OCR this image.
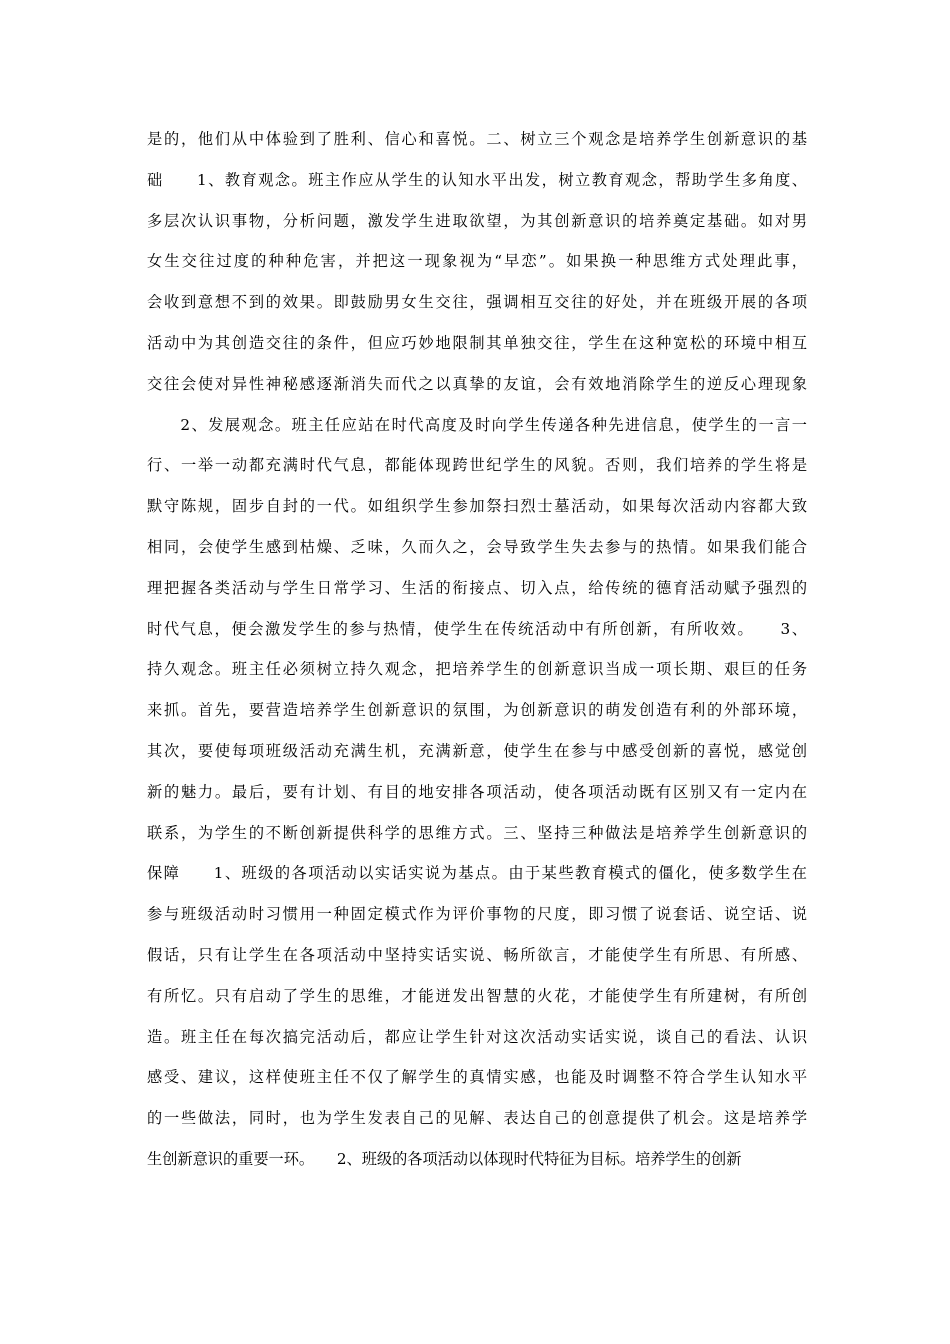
是的，他们从中体验到了胜利、信心和喜悦。二、树立三个观念是培养学生创新意识的基
础　　1、教育观念。班主作应从学生的认知水平出发，树立教育观念，帮助学生多角度、
多层次认识事物，分析问题，激发学生进取欲望，为其创新意识的培养奠定基础。如对男
女生交往过度的种种危害，并把这一现象视为“早恋”。如果换一种思维方式处理此事，
会收到意想不到的效果。即鼓励男女生交往，强调相互交往的好处，并在班级开展的各项
活动中为其创造交往的条件，但应巧妙地限制其单独交往，学生在这种宽松的环境中相互
交往会使对异性神秘感逐渐消失而代之以真挚的友谊，会有效地消除学生的逆反心理现象
　　2、发展观念。班主任应站在时代高度及时向学生传递各种先进信息，使学生的一言一
行、一举一动都充满时代气息，都能体现跨世纪学生的风貌。否则，我们培养的学生将是
默守陈规，固步自封的一代。如组织学生参加祭扫烈士墓活动，如果每次活动内容都大致
相同，会使学生感到枯燥、乏味，久而久之，会导致学生失去参与的热情。如果我们能合
理把握各类活动与学生日常学习、生活的衔接点、切入点，给传统的德育活动赋予强烈的
时代气息，便会激发学生的参与热情，使学生在传统活动中有所创新，有所收效。　　3、
持久观念。班主任必须树立持久观念，把培养学生的创新意识当成一项长期、艰巨的任务
来抓。首先，要营造培养学生创新意识的氛围，为创新意识的萌发创造有利的外部环境，
其次，要使每项班级活动充满生机，充满新意，使学生在参与中感受创新的喜悦，感觉创
新的魅力。最后，要有计划、有目的地安排各项活动，使各项活动既有区别又有一定内在
联系，为学生的不断创新提供科学的思维方式。三、坚持三种做法是培养学生创新意识的
保障　　1、班级的各项活动以实话实说为基点。由于某些教育模式的僵化，使多数学生在
参与班级活动时习惯用一种固定模式作为评价事物的尺度，即习惯了说套话、说空话、说
假话，只有让学生在各项活动中坚持实话实说、畅所欲言，才能使学生有所思、有所感、
有所忆。只有启动了学生的思维，才能迸发出智慧的火花，才能使学生有所建树，有所创
造。班主任在每次搞完活动后，都应让学生针对这次活动实话实说，谈自己的看法、认识
感受、建议，这样使班主任不仅了解学生的真情实感，也能及时调整不符合学生认知水平
的一些做法，同时，也为学生发表自己的见解、表达自己的创意提供了机会。这是培养学
生创新意识的重要一环。　　2、班级的各项活动以体现时代特征为目标。培养学生的创新
